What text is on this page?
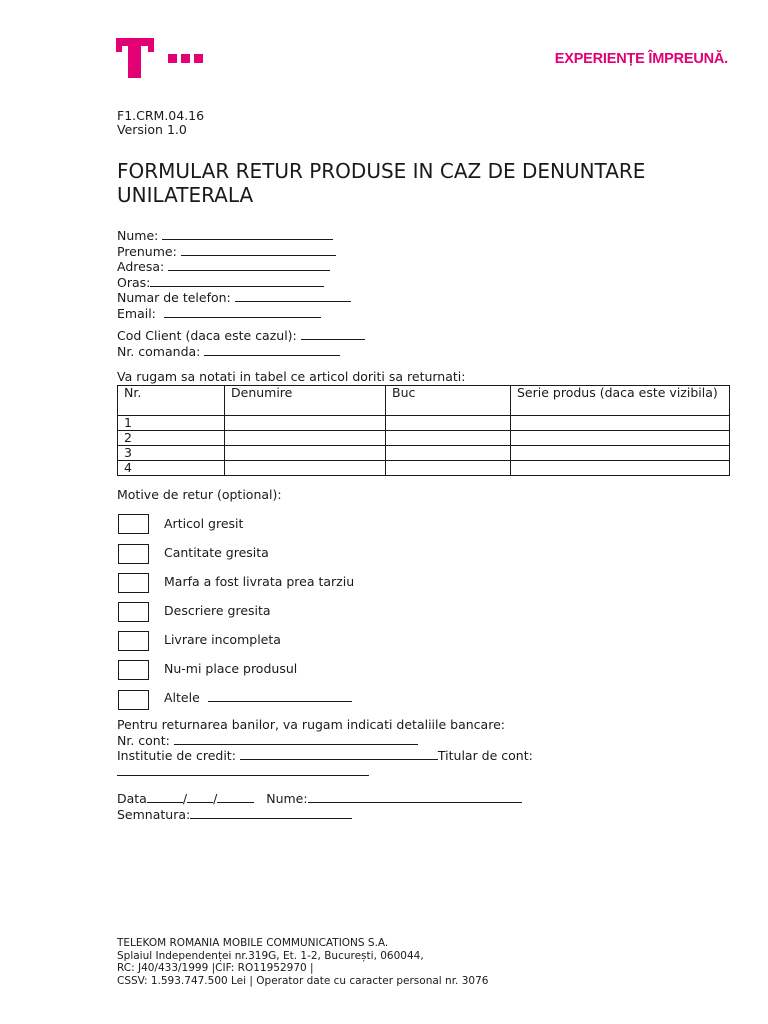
EXPERIENȚE ÎMPREUNĂ.
F1.CRM.04.16
Version 1.0
FORMULAR RETUR PRODUSE IN CAZ DE DENUNTARE
UNILATERALA
Nume:
Prenume:
Adresa:
Oras:
Numar de telefon:
Email:
Cod Client (daca este cazul):
Nr. comanda:
Va rugam sa notati in tabel ce articol doriti sa returnati:
Nr.	Denumire	Buc	Serie produs (daca este vizibila)
1			
2			
3			
4			
Motive de retur (optional):
Articol gresit
Cantitate gresita
Marfa a fost livrata prea tarziu
Descriere gresita
Livrare incompleta
Nu-mi place produsul
Altele
Pentru returnarea banilor, va rugam indicati detaliile bancare:
Nr. cont:
Institutie de credit:	Titular de cont:
Data	/ /	Nume:
Semnatura:
TELEKOM ROMANIA MOBILE COMMUNICATIONS S.A.
Splaiul Independenței nr.319G, Et. 1-2, București, 060044,
RC: J40/433/1999 |CIF: RO11952970 |
CSSV: 1.593.747.500 Lei | Operator date cu caracter personal nr. 3076
